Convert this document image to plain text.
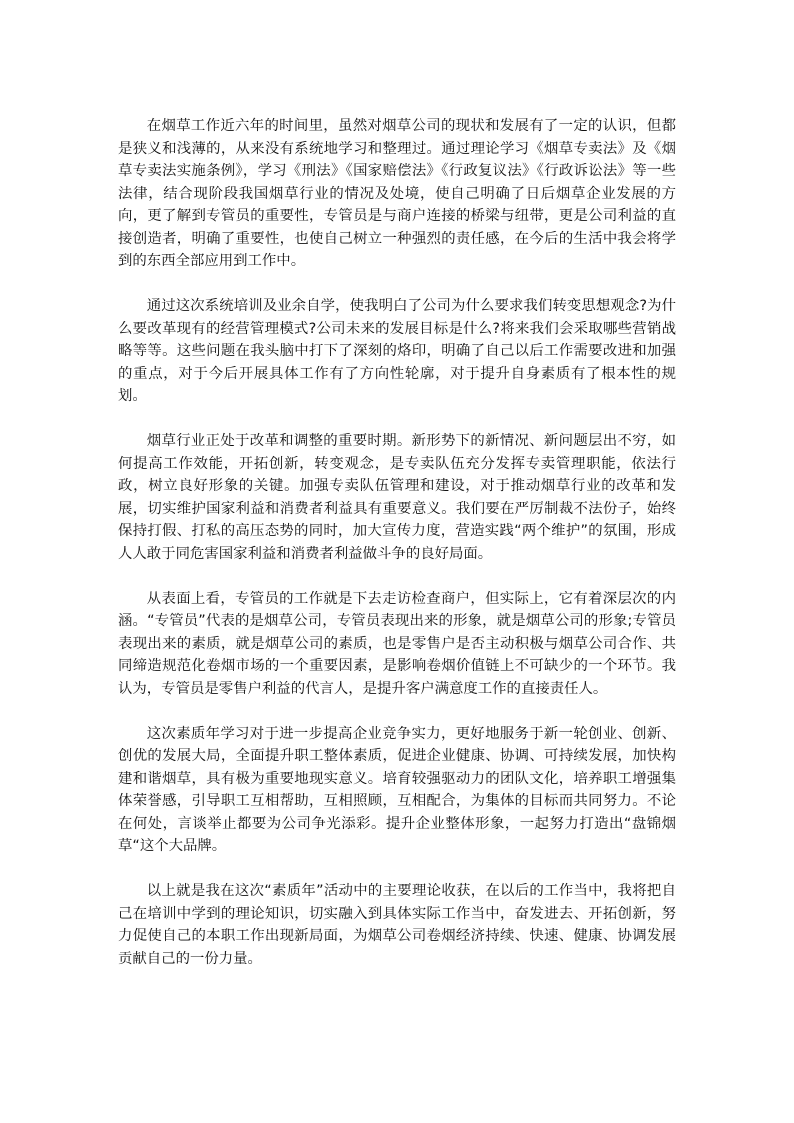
在烟草工作近六年的时间里，虽然对烟草公司的现状和发展有了一定的认识，但都是狭义和浅薄的，从来没有系统地学习和整理过。通过理论学习《烟草专卖法》及《烟草专卖法实施条例》，学习《刑法》《国家赔偿法》《行政复议法》《行政诉讼法》等一些法律，结合现阶段我国烟草行业的情况及处境，使自己明确了日后烟草企业发展的方向，更了解到专管员的重要性，专管员是与商户连接的桥梁与纽带，更是公司利益的直接创造者，明确了重要性，也使自己树立一种强烈的责任感，在今后的生活中我会将学到的东西全部应用到工作中。

通过这次系统培训及业余自学，使我明白了公司为什么要求我们转变思想观念?为什么要改革现有的经营管理模式?公司未来的发展目标是什么?将来我们会采取哪些营销战略等等。这些问题在我头脑中打下了深刻的烙印，明确了自己以后工作需要改进和加强的重点，对于今后开展具体工作有了方向性轮廓，对于提升自身素质有了根本性的规划。

烟草行业正处于改革和调整的重要时期。新形势下的新情况、新问题层出不穷，如何提高工作效能，开拓创新，转变观念，是专卖队伍充分发挥专卖管理职能，依法行政，树立良好形象的关键。加强专卖队伍管理和建设，对于推动烟草行业的改革和发展，切实维护国家利益和消费者利益具有重要意义。我们要在严厉制裁不法份子，始终保持打假、打私的高压态势的同时，加大宣传力度，营造实践“两个维护”的氛围，形成人人敢于同危害国家利益和消费者利益做斗争的良好局面。

从表面上看，专管员的工作就是下去走访检查商户，但实际上，它有着深层次的内涵。“专管员”代表的是烟草公司，专管员表现出来的形象，就是烟草公司的形象;专管员表现出来的素质，就是烟草公司的素质，也是零售户是否主动积极与烟草公司合作、共同缔造规范化卷烟市场的一个重要因素，是影响卷烟价值链上不可缺少的一个环节。我认为，专管员是零售户利益的代言人，是提升客户满意度工作的直接责任人。

这次素质年学习对于进一步提高企业竞争实力，更好地服务于新一轮创业、创新、创优的发展大局，全面提升职工整体素质，促进企业健康、协调、可持续发展，加快构建和谐烟草，具有极为重要地现实意义。培育较强驱动力的团队文化，培养职工增强集体荣誉感，引导职工互相帮助，互相照顾，互相配合，为集体的目标而共同努力。不论在何处，言谈举止都要为公司争光添彩。提升企业整体形象，一起努力打造出“盘锦烟草“这个大品牌。

以上就是我在这次“素质年”活动中的主要理论收获，在以后的工作当中，我将把自己在培训中学到的理论知识，切实融入到具体实际工作当中，奋发进去、开拓创新，努力促使自己的本职工作出现新局面，为烟草公司卷烟经济持续、快速、健康、协调发展贡献自己的一份力量。
